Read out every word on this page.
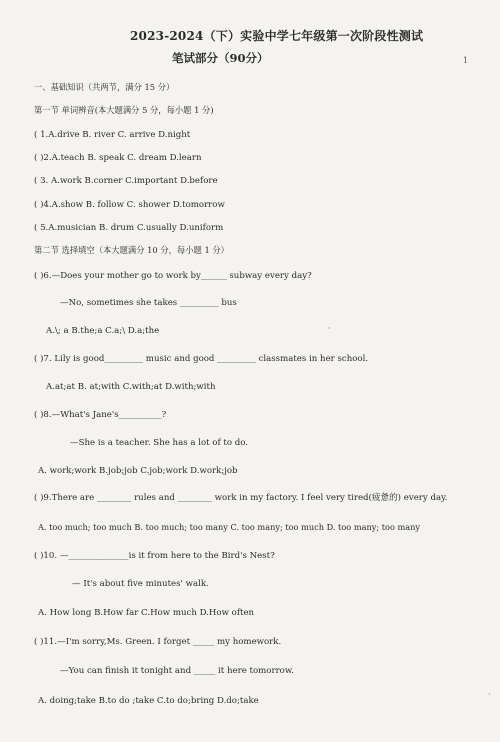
2023-2024（下）实验中学七年级第一次阶段性测试
笔试部分（90分）	1
一、基础知识（共两节，满分 15 分）
第一节 单词辨音(本大题满分 5 分，每小题 1 分)
( 1.A.drive B. river C. arrive D.night
( )2.A.teach B. speak C. dream D.learn
( 3. A.work B.corner C.important D.before
( )4.A.show B. follow C. shower D.tomorrow
( 5.A.musician B. drum C.usually D.uniform
第二节 选择填空（本大题满分 10 分，每小题 1 分）
( )6.—Does your mother go to work by______ subway every day?
—No, sometimes she takes _________ bus
A.\; a B.the;a C.a;\ D.a;the	·
( )7. Lily is good_________ music and good _________ classmates in her school.
A.at;at B. at;with C.with;at D.with;with
( )8.—What's Jane's__________?
—She is a teacher. She has a lot of to do.
A. work;work B.job;job C.job;work D.work;job
( )9.There are ________ rules and ________ work in my factory. I feel very tired(疲惫的) every day.
A. too much; too much B. too much; too many C. too many; too much D. too many; too many
( )10. —______________is it from here to the Bird's Nest?
— It's about five minutes' walk.
A. How long B.How far C.How much D.How often
( )11.—I'm sorry,Ms. Green. I forget _____ my homework.
—You can finish it tonight and _____ it here tomorrow.
A. doing;take B.to do ;take C.to do;bring D.do;take
·
